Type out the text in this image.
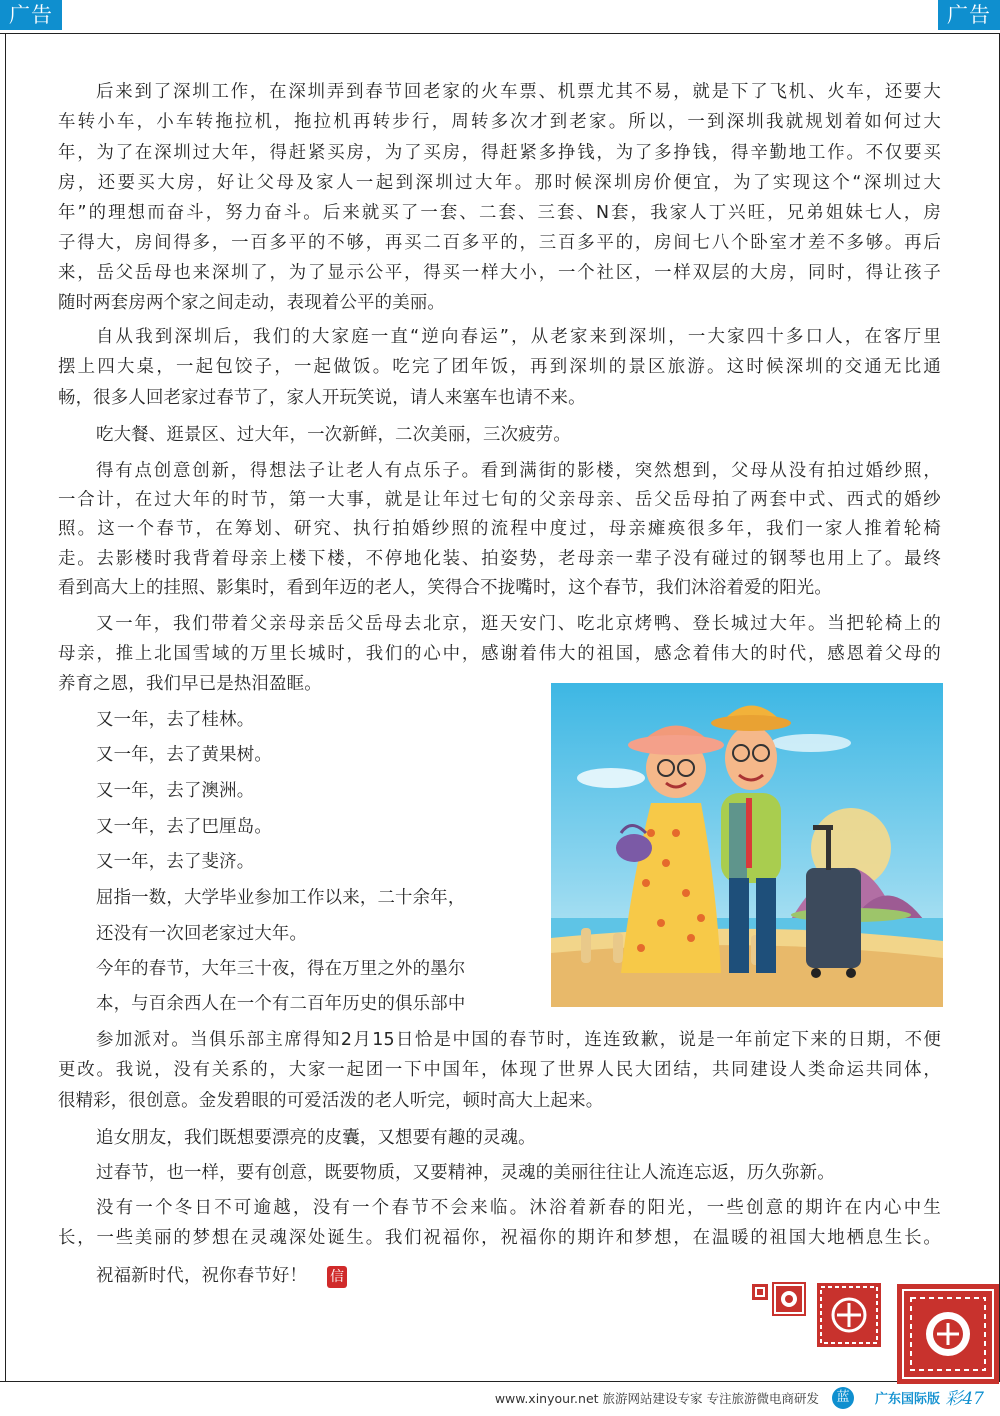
广告	广告
后来到了深圳工作，在深圳弄到春节回老家的火车票、机票尤其不易，就是下了飞机、火车，还要大
车转小车，小车转拖拉机，拖拉机再转步行，周转多次才到老家。所以，一到深圳我就规划着如何过大
年，为了在深圳过大年，得赶紧买房，为了买房，得赶紧多挣钱，为了多挣钱，得辛勤地工作。不仅要买
房，还要买大房，好让父母及家人一起到深圳过大年。那时候深圳房价便宜，为了实现这个“深圳过大
年”的理想而奋斗，努力奋斗。后来就买了一套、二套、三套、N套，我家人丁兴旺，兄弟姐妹七人，房
子得大，房间得多，一百多平的不够，再买二百多平的，三百多平的，房间七八个卧室才差不多够。再后
来，岳父岳母也来深圳了，为了显示公平，得买一样大小，一个社区，一样双层的大房，同时，得让孩子
随时两套房两个家之间走动，表现着公平的美丽。
自从我到深圳后，我们的大家庭一直“逆向春运”，从老家来到深圳，一大家四十多口人，在客厅里
摆上四大桌，一起包饺子，一起做饭。吃完了团年饭，再到深圳的景区旅游。这时候深圳的交通无比通
畅，很多人回老家过春节了，家人开玩笑说，请人来塞车也请不来。
吃大餐、逛景区、过大年，一次新鲜，二次美丽，三次疲劳。
得有点创意创新，得想法子让老人有点乐子。看到满街的影楼，突然想到，父母从没有拍过婚纱照，
一合计，在过大年的时节，第一大事，就是让年过七旬的父亲母亲、岳父岳母拍了两套中式、西式的婚纱
照。这一个春节，在筹划、研究、执行拍婚纱照的流程中度过，母亲瘫痪很多年，我们一家人推着轮椅
走。去影楼时我背着母亲上楼下楼，不停地化装、拍姿势，老母亲一辈子没有碰过的钢琴也用上了。最终
看到高大上的挂照、影集时，看到年迈的老人，笑得合不拢嘴时，这个春节，我们沐浴着爱的阳光。
又一年，我们带着父亲母亲岳父岳母去北京，逛天安门、吃北京烤鸭、登长城过大年。当把轮椅上的
母亲，推上北国雪域的万里长城时，我们的心中，感谢着伟大的祖国，感念着伟大的时代，感恩着父母的
养育之恩，我们早已是热泪盈眶。
又一年，去了桂林。
又一年，去了黄果树。
又一年，去了澳洲。
又一年，去了巴厘岛。
又一年，去了斐济。
屈指一数，大学毕业参加工作以来，二十余年，
还没有一次回老家过大年。
今年的春节，大年三十夜，得在万里之外的墨尔
本，与百余西人在一个有二百年历史的俱乐部中
参加派对。当俱乐部主席得知2月15日恰是中国的春节时，连连致歉，说是一年前定下来的日期，不便
更改。我说，没有关系的，大家一起团一下中国年，体现了世界人民大团结，共同建设人类命运共同体，
很精彩，很创意。金发碧眼的可爱活泼的老人听完，顿时高大上起来。
追女朋友，我们既想要漂亮的皮囊，又想要有趣的灵魂。
过春节，也一样，要有创意，既要物质，又要精神，灵魂的美丽往往让人流连忘返，历久弥新。
没有一个冬日不可逾越，没有一个春节不会来临。沐浴着新春的阳光，一些创意的期许在内心中生
长，一些美丽的梦想在灵魂深处诞生。我们祝福你，祝福你的期许和梦想，在温暖的祖国大地栖息生长。
祝福新时代，祝你春节好！ 信
www.xinyour.net 旅游网站建设专家 专注旅游微电商研发	蓝	广东国际版 彩47
